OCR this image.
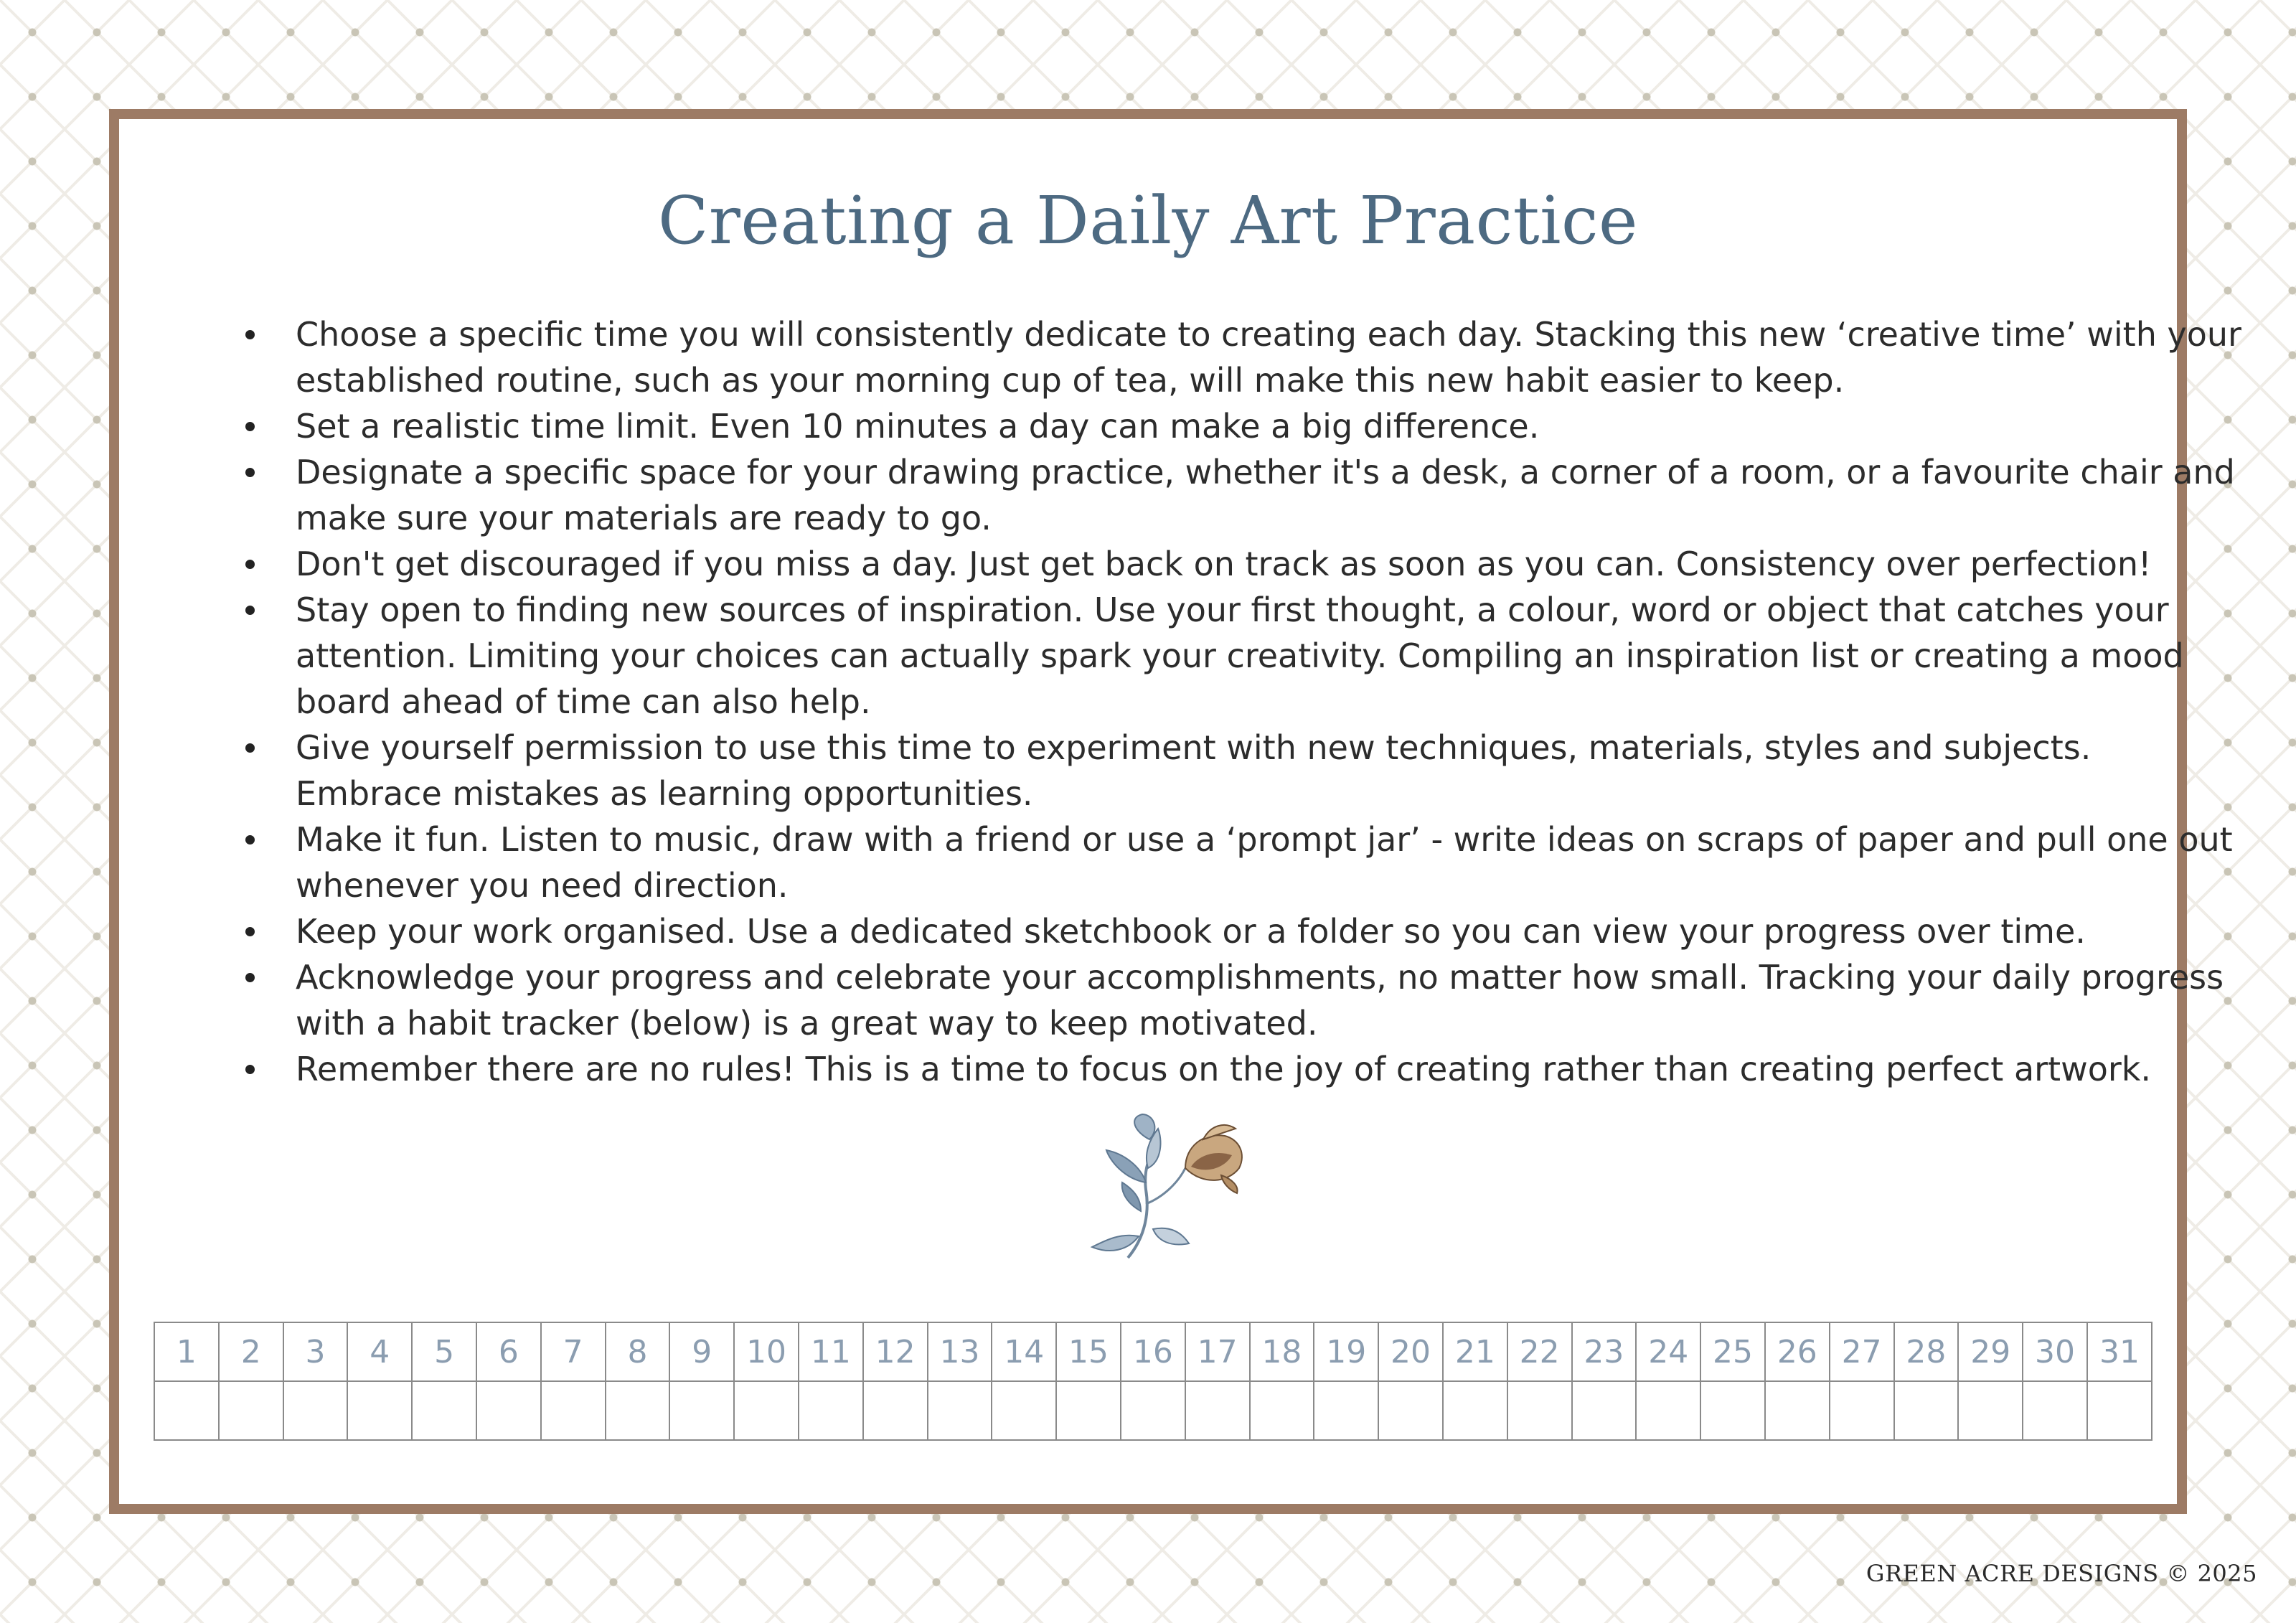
Creating a Daily Art Practice
Choose a specific time you will consistently dedicate to creating each day. Stacking this new ‘creative time’ with your established routine, such as your morning cup of tea, will make this new habit easier to keep.
Set a realistic time limit. Even 10 minutes a day can make a big difference.
Designate a specific space for your drawing practice, whether it's a desk, a corner of a room, or a favourite chair and make sure your materials are ready to go.
Don't get discouraged if you miss a day. Just get back on track as soon as you can. Consistency over perfection!
Stay open to finding new sources of inspiration. Use your first thought, a colour, word or object that catches your attention. Limiting your choices can actually spark your creativity. Compiling an inspiration list or creating a mood board ahead of time can also help.
Give yourself permission to use this time to experiment with new techniques, materials, styles and subjects. Embrace mistakes as learning opportunities.
Make it fun. Listen to music, draw with a friend or use a ‘prompt jar’ - write ideas on scraps of paper and pull one out whenever you need direction.
Keep your work organised. Use a dedicated sketchbook or a folder so you can view your progress over time.
Acknowledge your progress and celebrate your accomplishments, no matter how small. Tracking your daily progress with a habit tracker (below) is a great way to keep motivated.
Remember there are no rules! This is a time to focus on the joy of creating rather than creating perfect artwork.
1	2	3	4	5	6	7	8	9	10	11	12	13	14	15	16	17	18	19	20	21	22	23	24	25	26	27	28	29	30	31

GREEN ACRE DESIGNS © 2025
